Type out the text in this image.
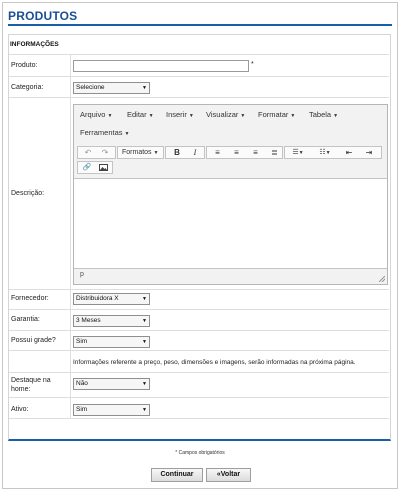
PRODUTOS
INFORMAÇÕES
Produto:	*
Categoria:	Selecione	▼
Descrição:
Arquivo ▼ Editar ▼ Inserir ▼ Visualizar ▼ Formatar ▼ Tabela ▼
Ferramentas ▼
↶	↷	Formatos ▼	B	I	≡	≡	≡	≣	☰▼	☷▼	⇤	⇥
🔗
p
Fornecedor:	Distribuidora X	▼
Garantia:	3 Meses	▼
Possui grade?	Sim	▼
Informações referente a preço, peso, dimensões e imagens, serão informadas na próxima página.
Destaque na
home:
Não	▼
Ativo:	Sim	▼
* Campos obrigatórios
Continuar	«Voltar
